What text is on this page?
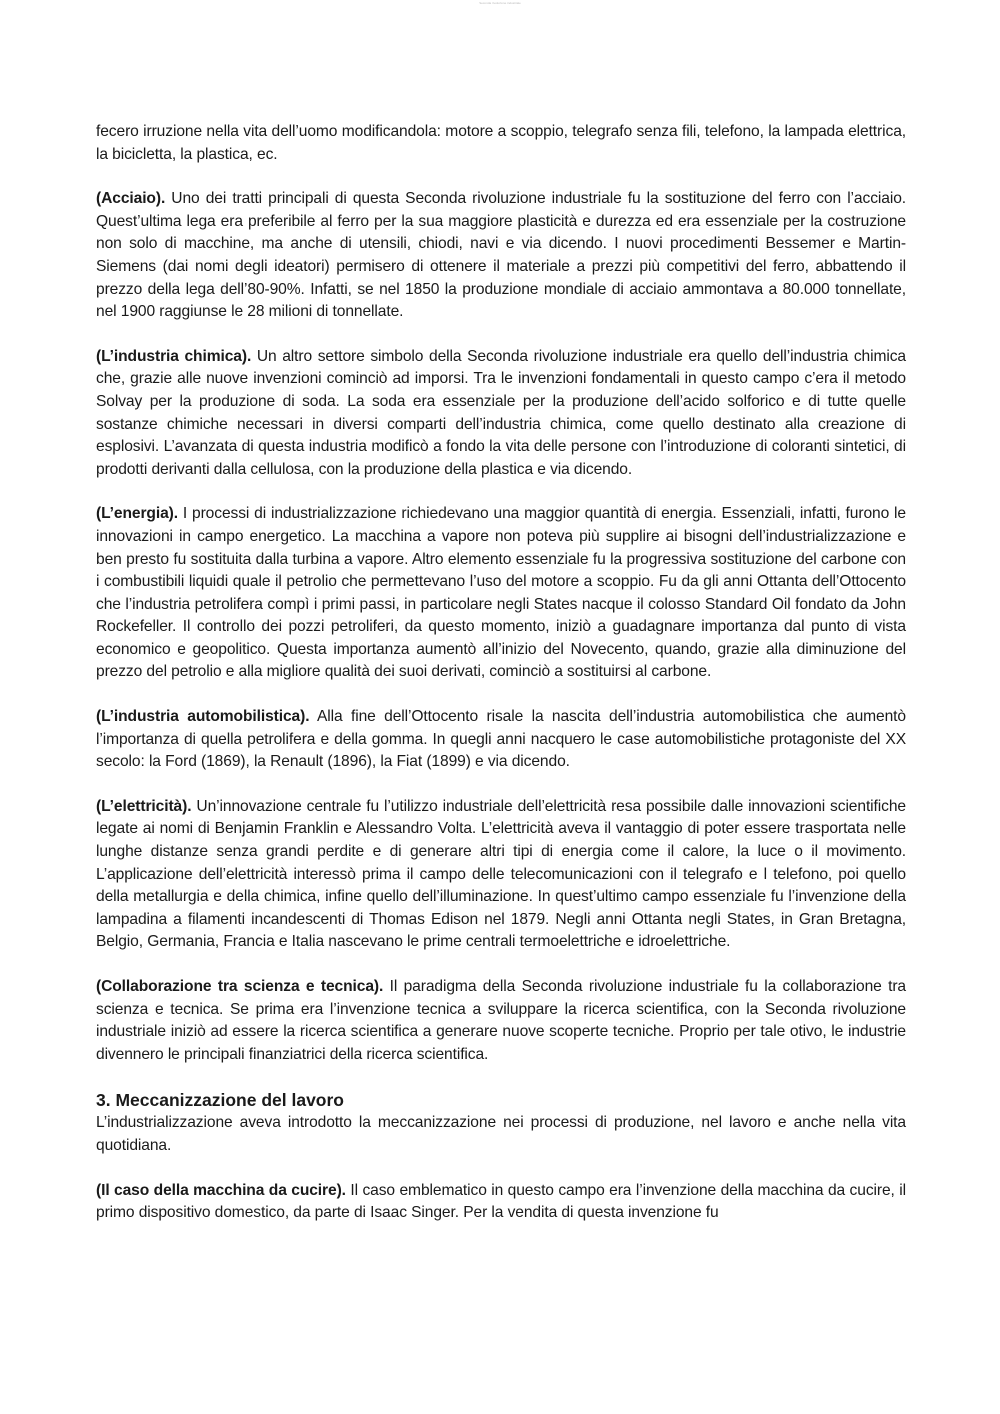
Seconda rivoluzione industriale

fecero irruzione nella vita dell’uomo modificandola: motore a scoppio, telegrafo senza fili, telefono, la lampada elettrica, la bicicletta, la plastica, ec.

(Acciaio). Uno dei tratti principali di questa Seconda rivoluzione industriale fu la sostituzione del ferro con l’acciaio. Quest’ultima lega era preferibile al ferro per la sua maggiore plasticità e durezza ed era essenziale per la costruzione non solo di macchine, ma anche di utensili, chiodi, navi e via dicendo. I nuovi procedimenti Bessemer e Martin-Siemens (dai nomi degli ideatori) permisero di ottenere il materiale a prezzi più competitivi del ferro, abbattendo il prezzo della lega dell’80-90%. Infatti, se nel 1850 la produzione mondiale di acciaio ammontava a 80.000 tonnellate, nel 1900 raggiunse le 28 milioni di tonnellate.

(L’industria chimica). Un altro settore simbolo della Seconda rivoluzione industriale era quello dell’industria chimica che, grazie alle nuove invenzioni cominciò ad imporsi. Tra le invenzioni fondamentali in questo campo c’era il metodo Solvay per la produzione di soda. La soda era essenziale per la produzione dell’acido solforico e di tutte quelle sostanze chimiche necessari in diversi comparti dell’industria chimica, come quello destinato alla creazione di esplosivi. L’avanzata di questa industria modificò a fondo la vita delle persone con l’introduzione di coloranti sintetici, di prodotti derivanti dalla cellulosa, con la produzione della plastica e via dicendo.

(L’energia). I processi di industrializzazione richiedevano una maggior quantità di energia. Essenziali, infatti, furono le innovazioni in campo energetico. La macchina a vapore non poteva più supplire ai bisogni dell’industrializzazione e ben presto fu sostituita dalla turbina a vapore. Altro elemento essenziale fu la progressiva sostituzione del carbone con i combustibili liquidi quale il petrolio che permettevano l’uso del motore a scoppio. Fu da gli anni Ottanta dell’Ottocento che l’industria petrolifera compì i primi passi, in particolare negli States nacque il colosso Standard Oil fondato da John Rockefeller. Il controllo dei pozzi petroliferi, da questo momento, iniziò a guadagnare importanza dal punto di vista economico e geopolitico. Questa importanza aumentò all’inizio del Novecento, quando, grazie alla diminuzione del prezzo del petrolio e alla migliore qualità dei suoi derivati, cominciò a sostituirsi al carbone.

(L’industria automobilistica). Alla fine dell’Ottocento risale la nascita dell’industria automobilistica che aumentò l’importanza di quella petrolifera e della gomma. In quegli anni nacquero le case automobilistiche protagoniste del XX secolo: la Ford (1869), la Renault (1896), la Fiat (1899) e via dicendo.

(L’elettricità). Un’innovazione centrale fu l’utilizzo industriale dell’elettricità resa possibile dalle innovazioni scientifiche legate ai nomi di Benjamin Franklin e Alessandro Volta. L’elettricità aveva il vantaggio di poter essere trasportata nelle lunghe distanze senza grandi perdite e di generare altri tipi di energia come il calore, la luce o il movimento. L’applicazione dell’elettricità interessò prima il campo delle telecomunicazioni con il telegrafo e l telefono, poi quello della metallurgia e della chimica, infine quello dell’illuminazione. In quest’ultimo campo essenziale fu l’invenzione della lampadina a filamenti incandescenti di Thomas Edison nel 1879. Negli anni Ottanta negli States, in Gran Bretagna, Belgio, Germania, Francia e Italia nascevano le prime centrali termoelettriche e idroelettriche.

(Collaborazione tra scienza e tecnica). Il paradigma della Seconda rivoluzione industriale fu la collaborazione tra scienza e tecnica. Se prima era l’invenzione tecnica a sviluppare la ricerca scientifica, con la Seconda rivoluzione industriale iniziò ad essere la ricerca scientifica a generare nuove scoperte tecniche. Proprio per tale otivo, le industrie divennero le principali finanziatrici della ricerca scientifica.

3. Meccanizzazione del lavoro

L’industrializzazione aveva introdotto la meccanizzazione nei processi di produzione, nel lavoro e anche nella vita quotidiana.

(Il caso della macchina da cucire). Il caso emblematico in questo campo era l’invenzione della macchina da cucire, il primo dispositivo domestico, da parte di Isaac Singer. Per la vendita di questa invenzione fu
